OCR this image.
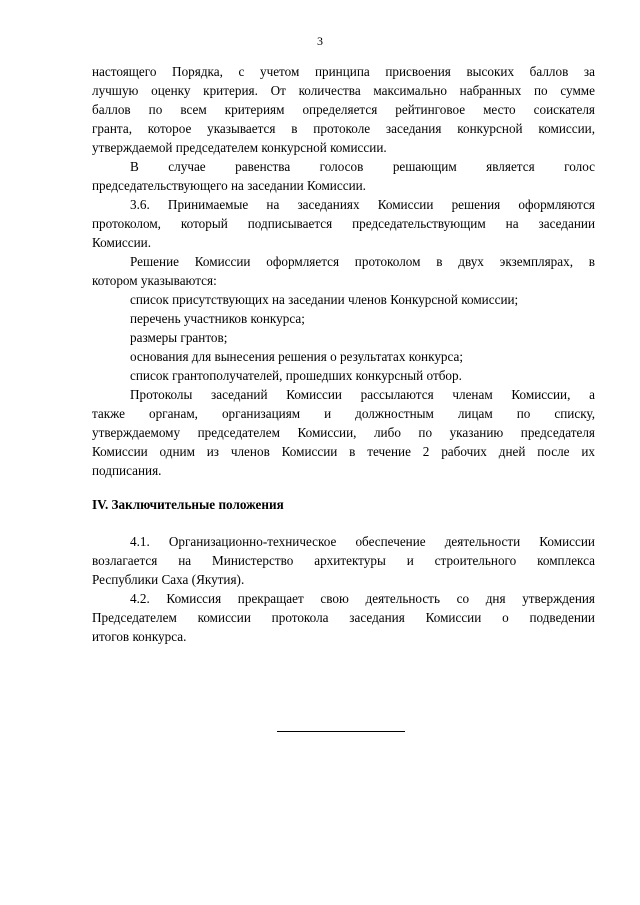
3

настоящего Порядка, с учетом принципа присвоения высоких баллов за
лучшую оценку критерия. От количества максимально набранных по сумме
баллов по всем критериям определяется рейтинговое место соискателя
гранта, которое указывается в протоколе заседания конкурсной комиссии,
утверждаемой председателем конкурсной комиссии.

В случае равенства голосов решающим является голос
председательствующего на заседании Комиссии.

3.6. Принимаемые на заседаниях Комиссии решения оформляются
протоколом, который подписывается председательствующим на заседании
Комиссии.

Решение Комиссии оформляется протоколом в двух экземплярах, в
котором указываются:

список присутствующих на заседании членов Конкурсной комиссии;
перечень участников конкурса;
размеры грантов;
основания для вынесения решения о результатах конкурса;
список грантополучателей, прошедших конкурсный отбор.

Протоколы заседаний Комиссии рассылаются членам Комиссии, а
также органам, организациям и должностным лицам по списку,
утверждаемому председателем Комиссии, либо по указанию председателя
Комиссии одним из членов Комиссии в течение 2 рабочих дней после их
подписания.

IV. Заключительные положения

4.1. Организационно-техническое обеспечение деятельности Комиссии
возлагается на Министерство архитектуры и строительного комплекса
Республики Саха (Якутия).

4.2. Комиссия прекращает свою деятельность со дня утверждения
Председателем комиссии протокола заседания Комиссии о подведении
итогов конкурса.
